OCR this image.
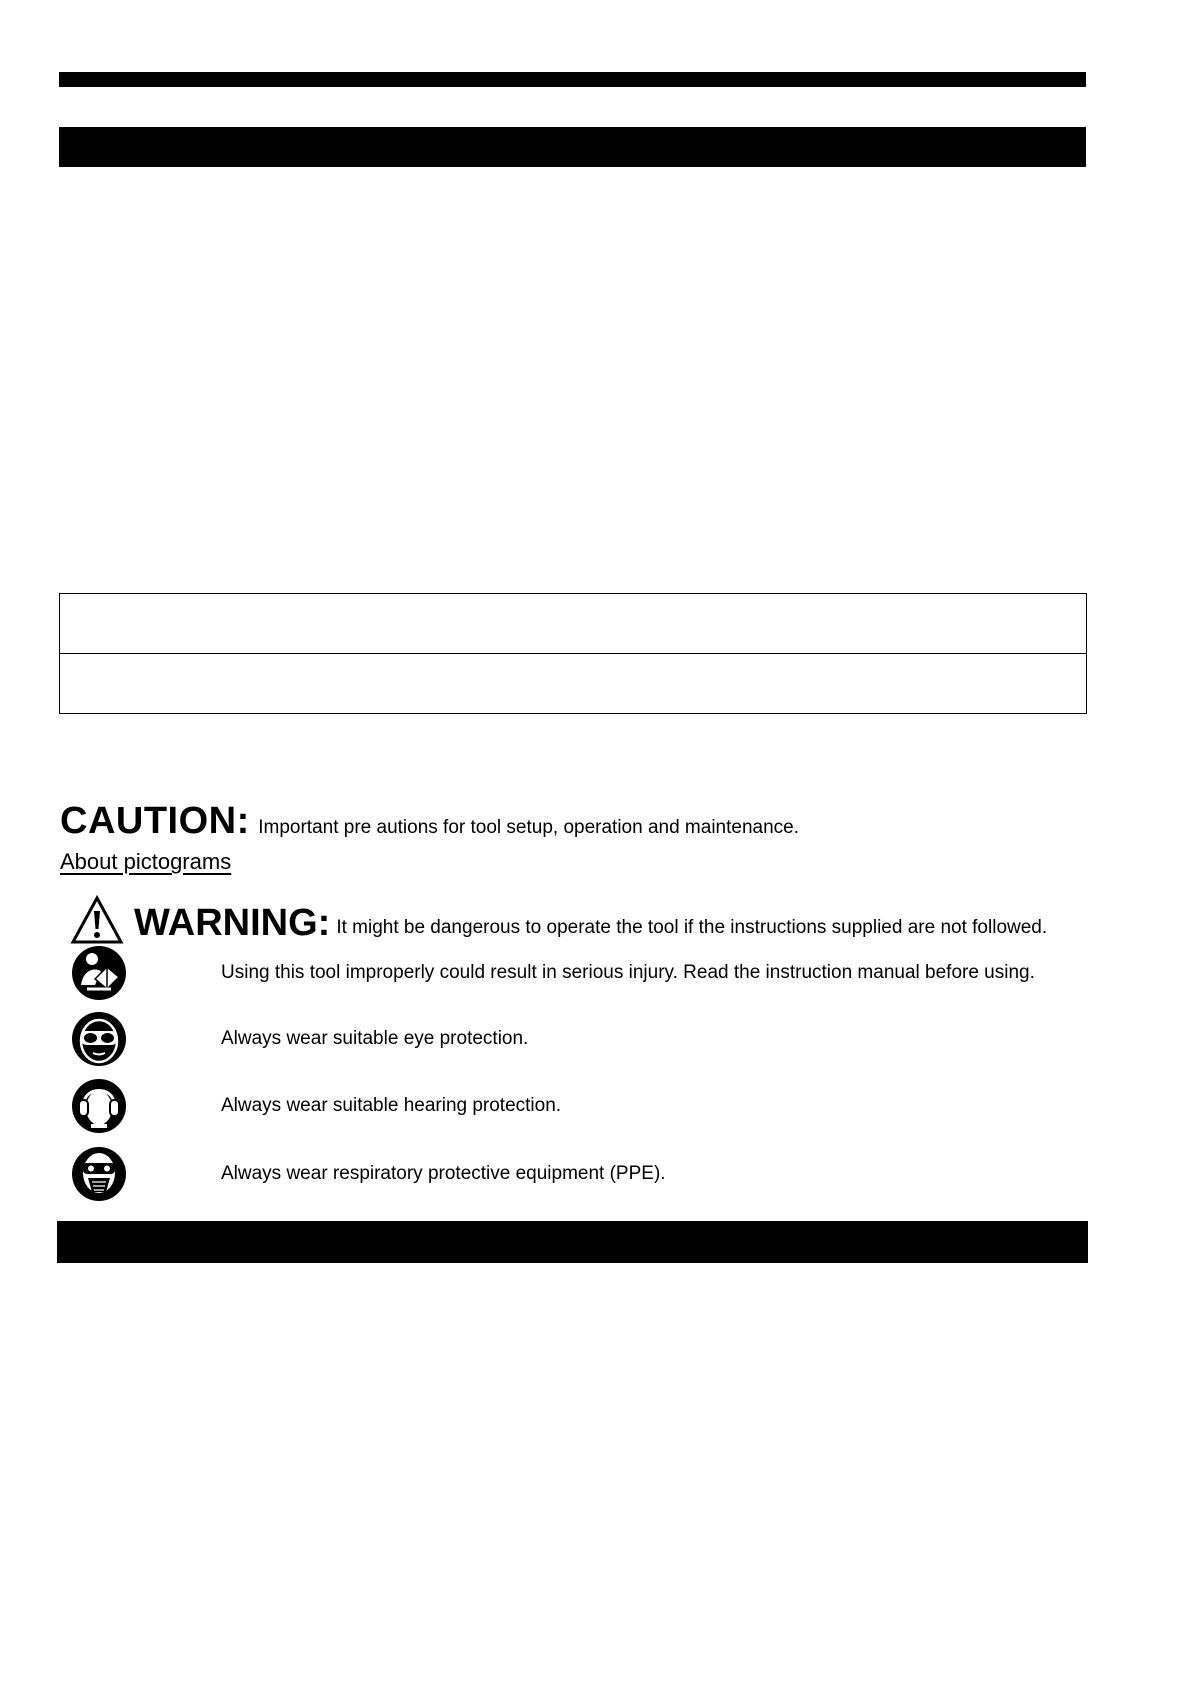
CAUTION: Important pre autions for tool setup, operation and maintenance.
About pictograms
WARNING: It might be dangerous to operate the tool if the instructions supplied are not followed.
Using this tool improperly could result in serious injury. Read the instruction manual before using.
Always wear suitable eye protection.
Always wear suitable hearing protection.
Always wear respiratory protective equipment (PPE).
